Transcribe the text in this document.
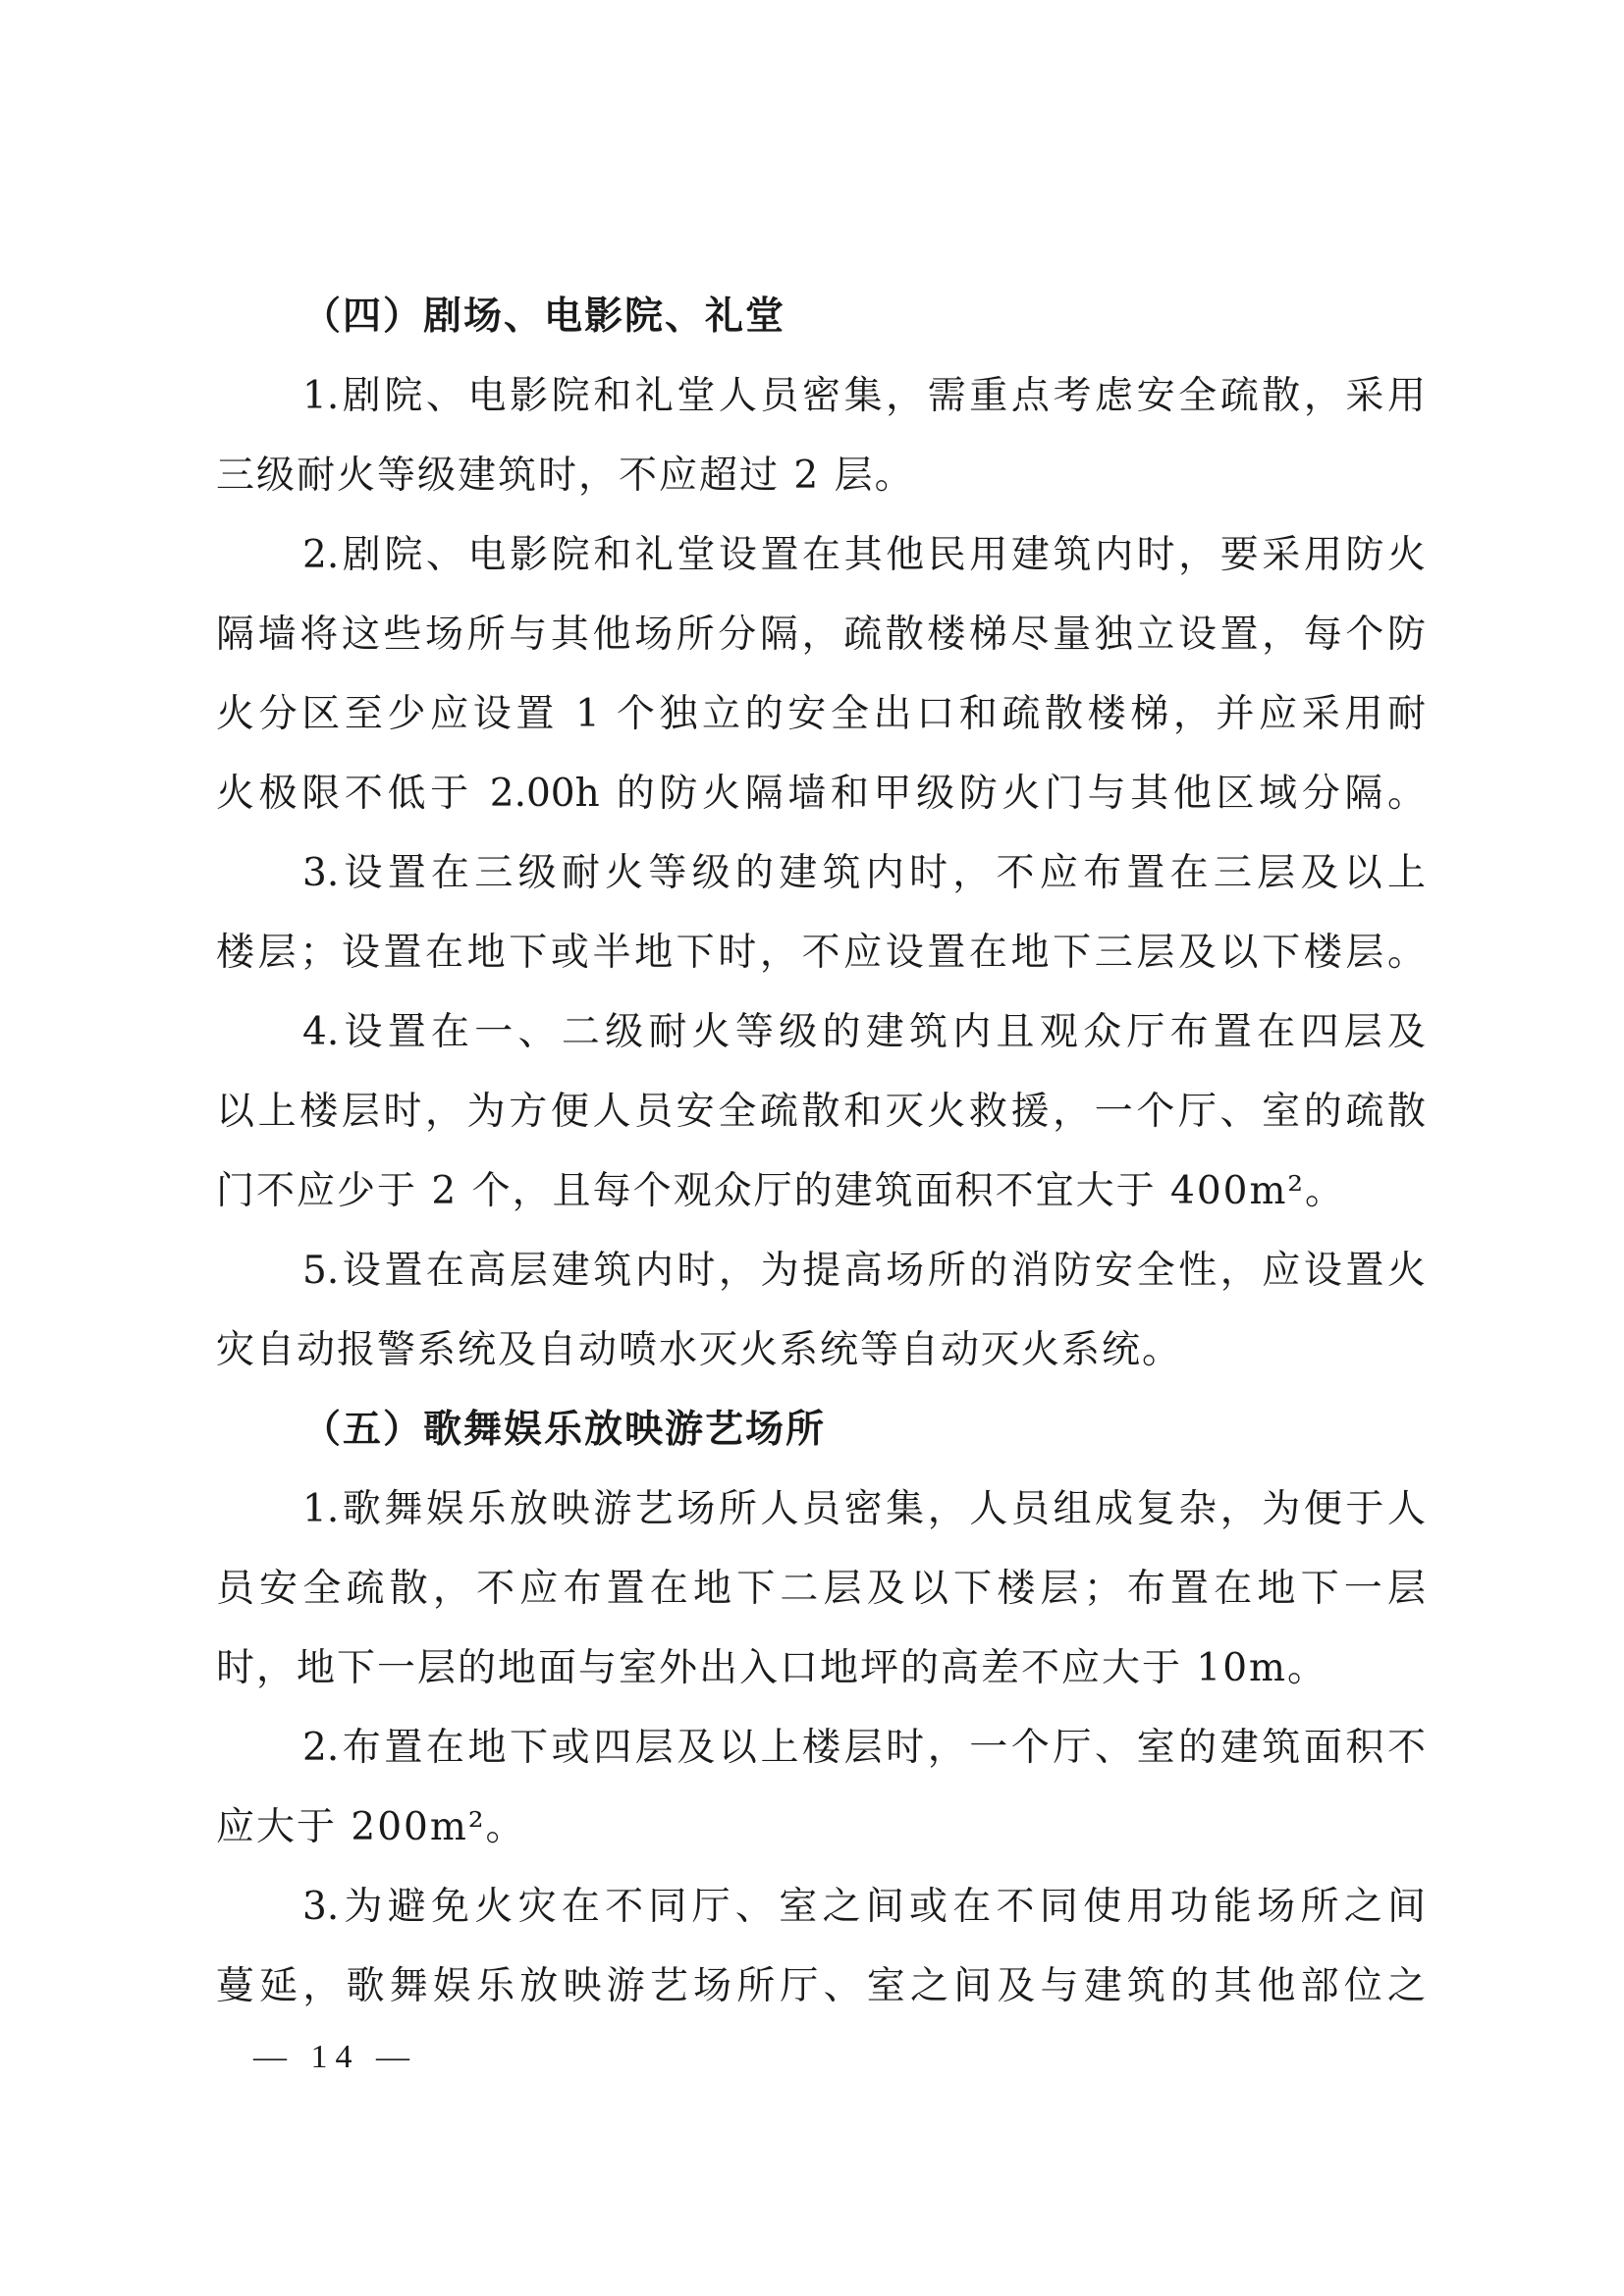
（四）剧场、电影院、礼堂
1.剧院、电影院和礼堂人员密集，需重点考虑安全疏散，采用
三级耐火等级建筑时，不应超过 2 层。
2.剧院、电影院和礼堂设置在其他民用建筑内时，要采用防火
隔墙将这些场所与其他场所分隔，疏散楼梯尽量独立设置，每个防
火分区至少应设置 1 个独立的安全出口和疏散楼梯，并应采用耐
火极限不低于 2.00h 的防火隔墙和甲级防火门与其他区域分隔。
3.设置在三级耐火等级的建筑内时，不应布置在三层及以上
楼层；设置在地下或半地下时，不应设置在地下三层及以下楼层。
4.设置在一、二级耐火等级的建筑内且观众厅布置在四层及
以上楼层时，为方便人员安全疏散和灭火救援，一个厅、室的疏散
门不应少于 2 个，且每个观众厅的建筑面积不宜大于 400m²。
5.设置在高层建筑内时，为提高场所的消防安全性，应设置火
灾自动报警系统及自动喷水灭火系统等自动灭火系统。
（五）歌舞娱乐放映游艺场所
1.歌舞娱乐放映游艺场所人员密集，人员组成复杂，为便于人
员安全疏散，不应布置在地下二层及以下楼层；布置在地下一层
时，地下一层的地面与室外出入口地坪的高差不应大于 10m。
2.布置在地下或四层及以上楼层时，一个厅、室的建筑面积不
应大于 200m²。
3.为避免火灾在不同厅、室之间或在不同使用功能场所之间
蔓延，歌舞娱乐放映游艺场所厅、室之间及与建筑的其他部位之
— 14 —
